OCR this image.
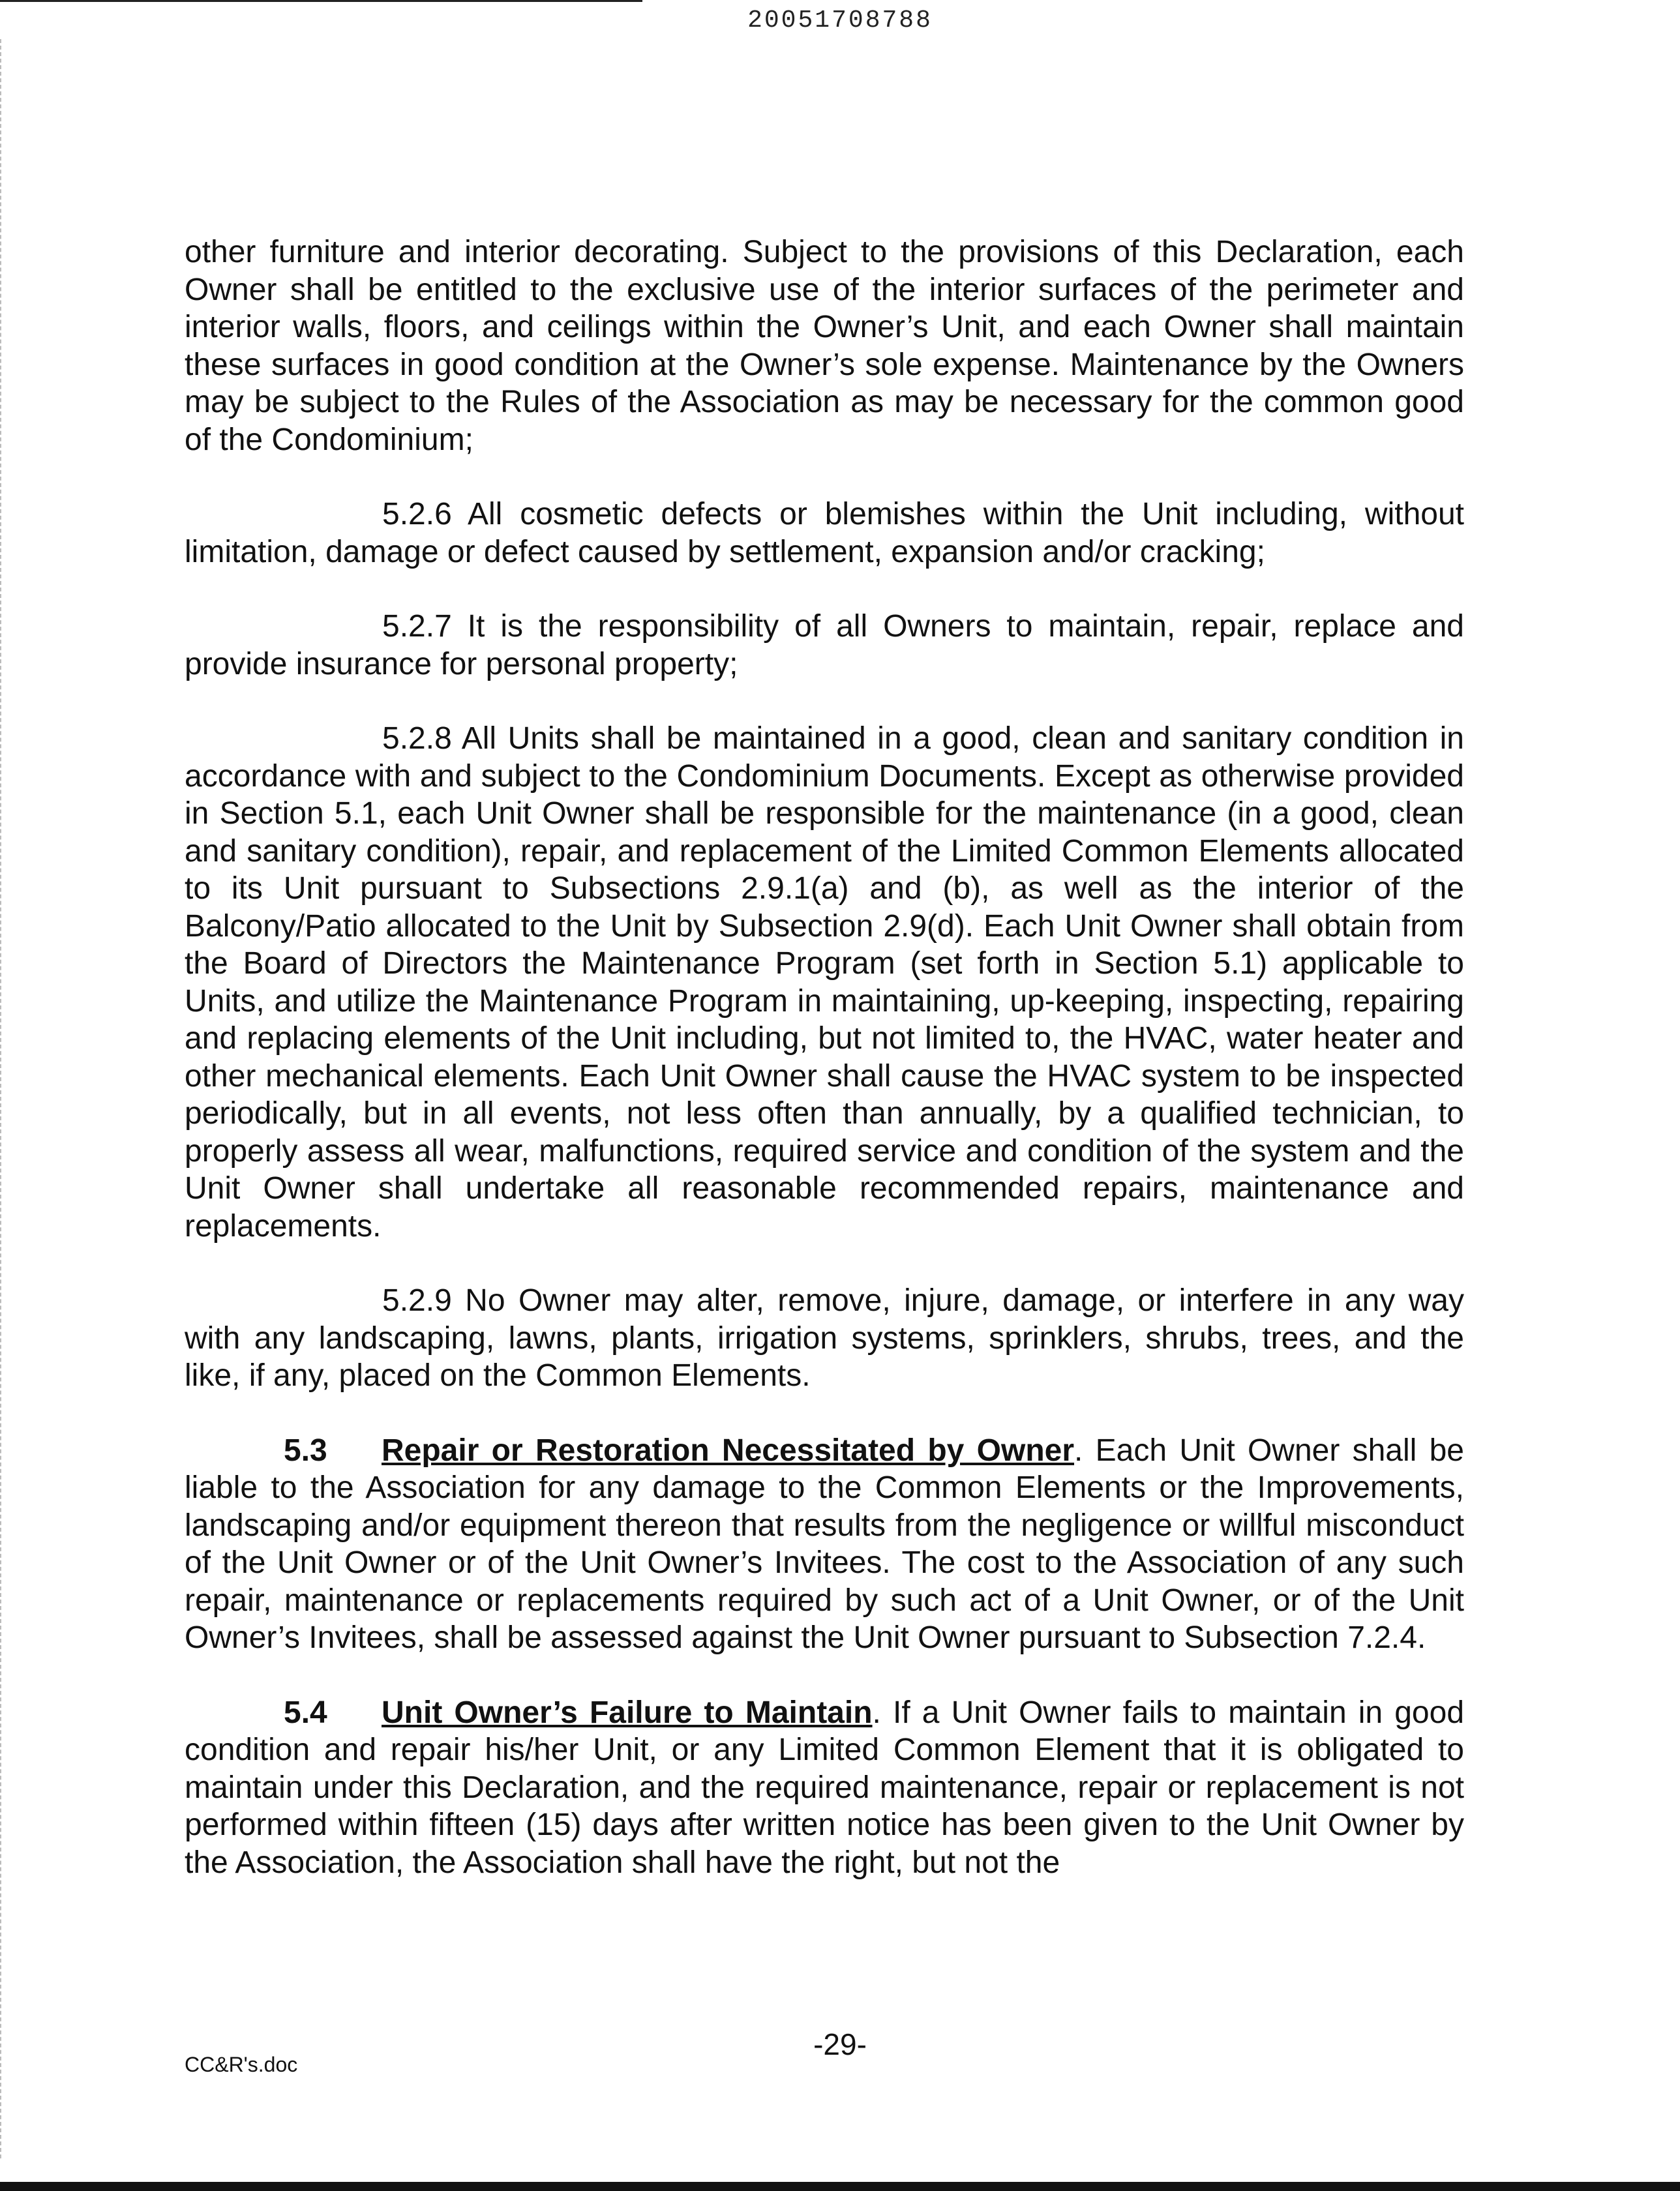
20051708788

other furniture and interior decorating. Subject to the provisions of this Declaration, each Owner shall be entitled to the exclusive use of the interior surfaces of the perimeter and interior walls, floors, and ceilings within the Owner’s Unit, and each Owner shall maintain these surfaces in good condition at the Owner’s sole expense. Maintenance by the Owners may be subject to the Rules of the Association as may be necessary for the common good of the Condominium;

5.2.6 All cosmetic defects or blemishes within the Unit including, without limitation, damage or defect caused by settlement, expansion and/or cracking;

5.2.7 It is the responsibility of all Owners to maintain, repair, replace and provide insurance for personal property;

5.2.8 All Units shall be maintained in a good, clean and sanitary condition in accordance with and subject to the Condominium Documents. Except as otherwise provided in Section 5.1, each Unit Owner shall be responsible for the maintenance (in a good, clean and sanitary condition), repair, and replacement of the Limited Common Elements allocated to its Unit pursuant to Subsections 2.9.1(a) and (b), as well as the interior of the Balcony/Patio allocated to the Unit by Subsection 2.9(d). Each Unit Owner shall obtain from the Board of Directors the Maintenance Program (set forth in Section 5.1) applicable to Units, and utilize the Maintenance Program in maintaining, up-keeping, inspecting, repairing and replacing elements of the Unit including, but not limited to, the HVAC, water heater and other mechanical elements. Each Unit Owner shall cause the HVAC system to be inspected periodically, but in all events, not less often than annually, by a qualified technician, to properly assess all wear, malfunctions, required service and condition of the system and the Unit Owner shall undertake all reasonable recommended repairs, maintenance and replacements.

5.2.9 No Owner may alter, remove, injure, damage, or interfere in any way with any landscaping, lawns, plants, irrigation systems, sprinklers, shrubs, trees, and the like, if any, placed on the Common Elements.

5.3 Repair or Restoration Necessitated by Owner. Each Unit Owner shall be liable to the Association for any damage to the Common Elements or the Improvements, landscaping and/or equipment thereon that results from the negligence or willful misconduct of the Unit Owner or of the Unit Owner’s Invitees. The cost to the Association of any such repair, maintenance or replacements required by such act of a Unit Owner, or of the Unit Owner’s Invitees, shall be assessed against the Unit Owner pursuant to Subsection 7.2.4.

5.4 Unit Owner’s Failure to Maintain. If a Unit Owner fails to maintain in good condition and repair his/her Unit, or any Limited Common Element that it is obligated to maintain under this Declaration, and the required maintenance, repair or replacement is not performed within fifteen (15) days after written notice has been given to the Unit Owner by the Association, the Association shall have the right, but not the

-29-
CC&R's.doc
